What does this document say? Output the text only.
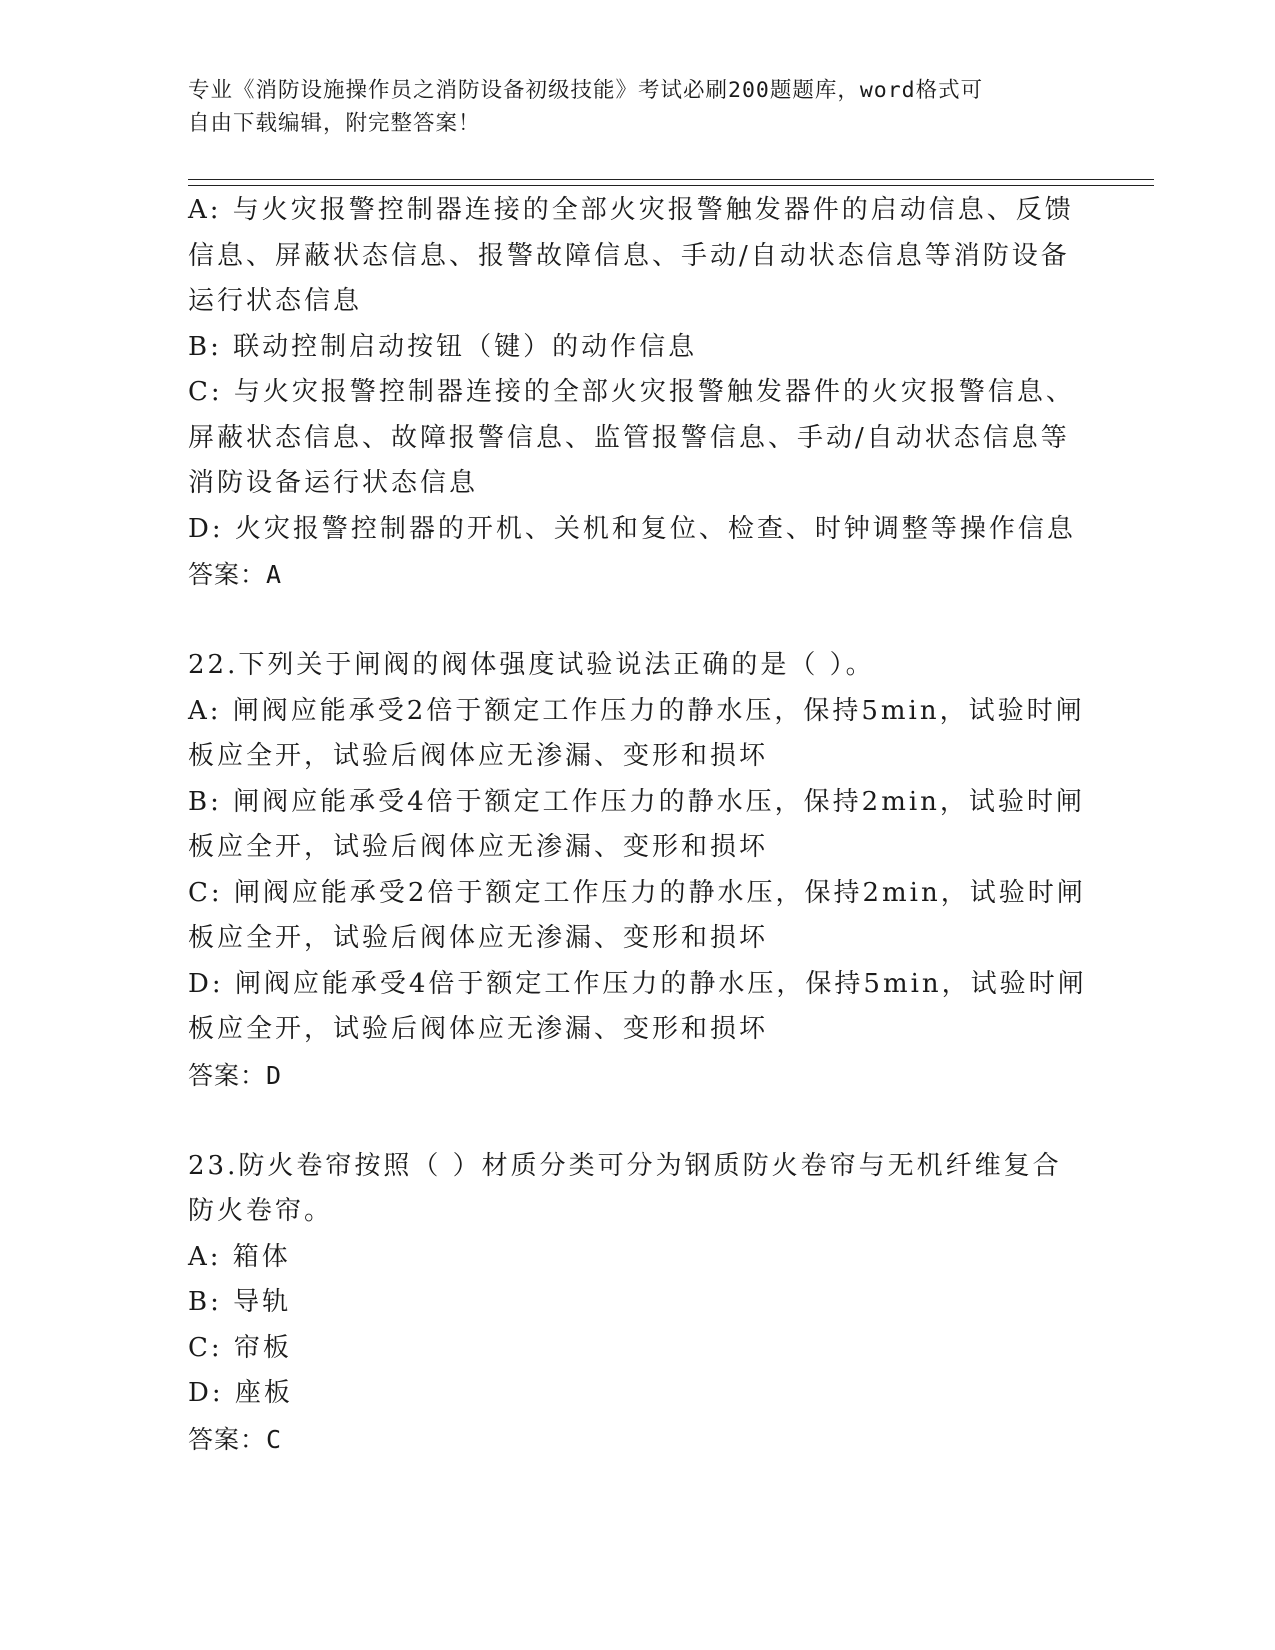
专业《消防设施操作员之消防设备初级技能》考试必刷200题题库，word格式可
自由下载编辑，附完整答案！
A: 与火灾报警控制器连接的全部火灾报警触发器件的启动信息、反馈
信息、屏蔽状态信息、报警故障信息、手动/自动状态信息等消防设备
运行状态信息
B: 联动控制启动按钮（键）的动作信息
C: 与火灾报警控制器连接的全部火灾报警触发器件的火灾报警信息、
屏蔽状态信息、故障报警信息、监管报警信息、手动/自动状态信息等
消防设备运行状态信息
D: 火灾报警控制器的开机、关机和复位、检查、时钟调整等操作信息
答案：A
22.下列关于闸阀的阀体强度试验说法正确的是（ ）。
A: 闸阀应能承受2倍于额定工作压力的静水压，保持5min，试验时闸
板应全开，试验后阀体应无渗漏、变形和损坏
B: 闸阀应能承受4倍于额定工作压力的静水压，保持2min，试验时闸
板应全开，试验后阀体应无渗漏、变形和损坏
C: 闸阀应能承受2倍于额定工作压力的静水压，保持2min，试验时闸
板应全开，试验后阀体应无渗漏、变形和损坏
D: 闸阀应能承受4倍于额定工作压力的静水压，保持5min，试验时闸
板应全开，试验后阀体应无渗漏、变形和损坏
答案：D
23.防火卷帘按照（ ）材质分类可分为钢质防火卷帘与无机纤维复合
防火卷帘。
A: 箱体
B: 导轨
C: 帘板
D: 座板
答案：C
